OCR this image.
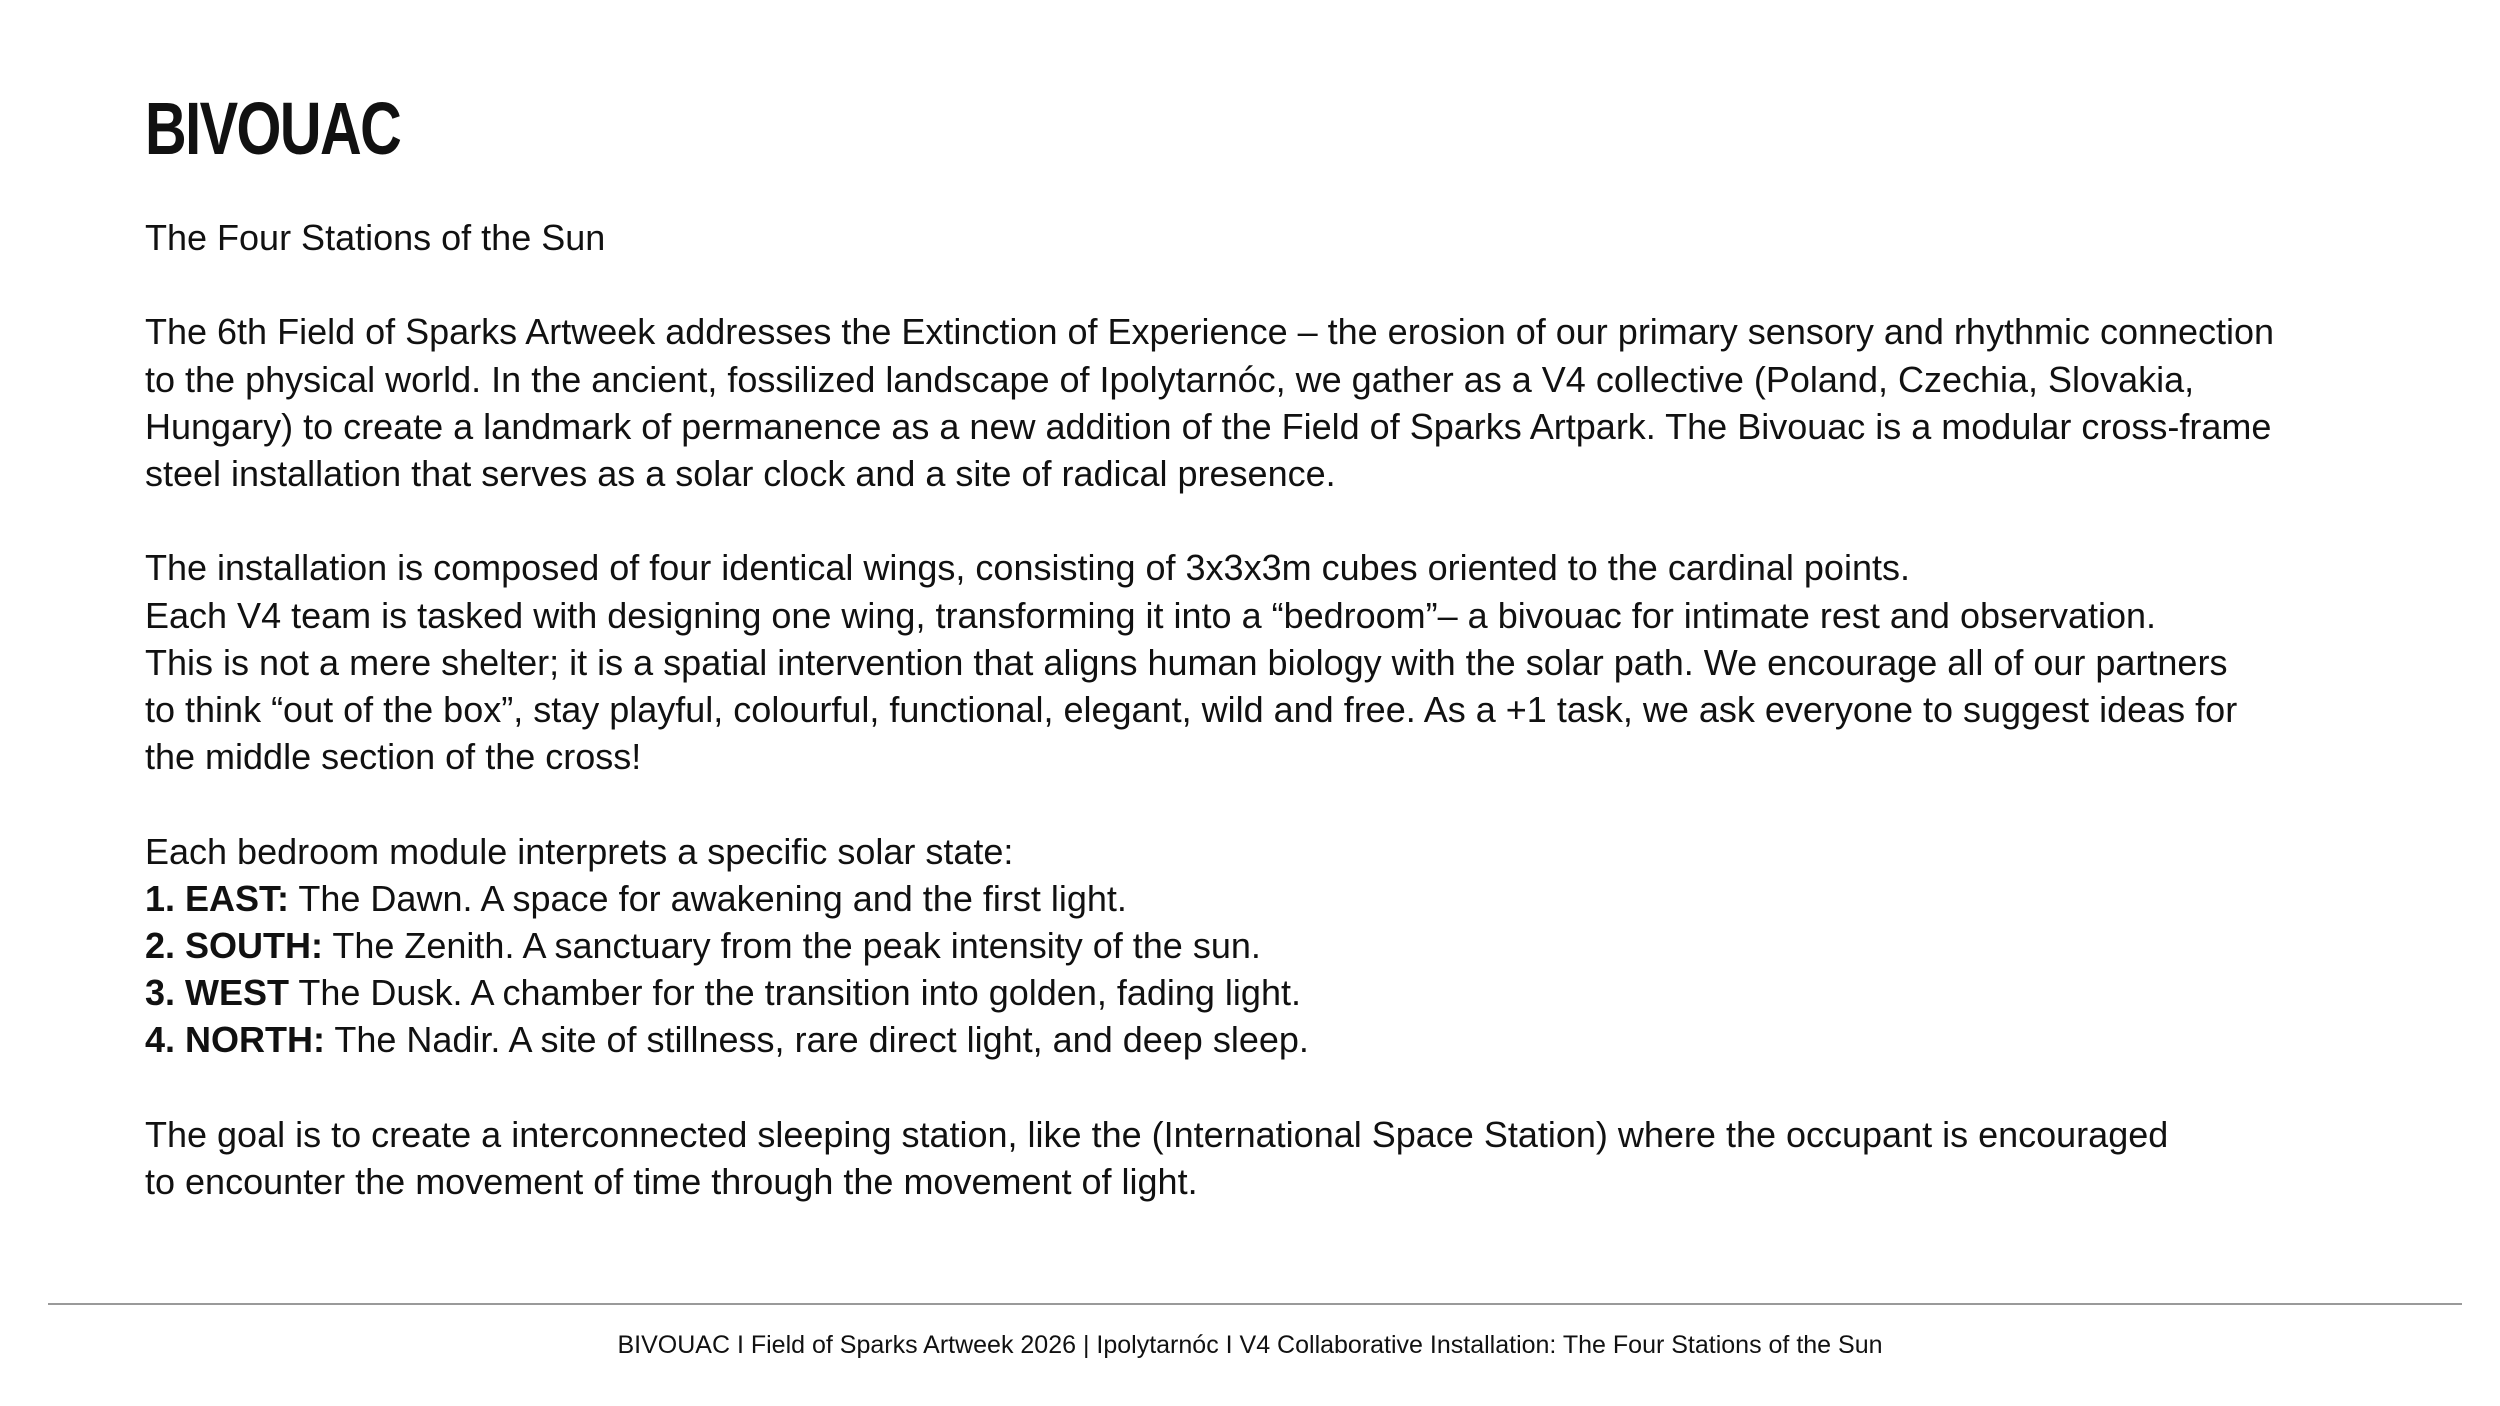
BIVOUAC

The Four Stations of the Sun

The 6th Field of Sparks Artweek addresses the Extinction of Experience – the erosion of our primary sensory and rhythmic connection
to the physical world. In the ancient, fossilized landscape of Ipolytarnóc, we gather as a V4 collective (Poland, Czechia, Slovakia,
Hungary) to create a landmark of permanence as a new addition of the Field of Sparks Artpark. The Bivouac is a modular cross-frame
steel installation that serves as a solar clock and a site of radical presence.

The installation is composed of four identical wings, consisting of 3x3x3m cubes oriented to the cardinal points.
Each V4 team is tasked with designing one wing, transforming it into a “bedroom”– a bivouac for intimate rest and observation.
This is not a mere shelter; it is a spatial intervention that aligns human biology with the solar path. We encourage all of our partners
to think “out of the box”, stay playful, colourful, functional, elegant, wild and free. As a +1 task, we ask everyone to suggest ideas for
the middle section of the cross!

Each bedroom module interprets a specific solar state:
1. EAST: The Dawn. A space for awakening and the first light.
2. SOUTH: The Zenith. A sanctuary from the peak intensity of the sun.
3. WEST The Dusk. A chamber for the transition into golden, fading light.
4. NORTH: The Nadir. A site of stillness, rare direct light, and deep sleep.

The goal is to create a interconnected sleeping station, like the (International Space Station) where the occupant is encouraged
to encounter the movement of time through the movement of light.

BIVOUAC I Field of Sparks Artweek 2026 | Ipolytarnóc I V4 Collaborative Installation: The Four Stations of the Sun
